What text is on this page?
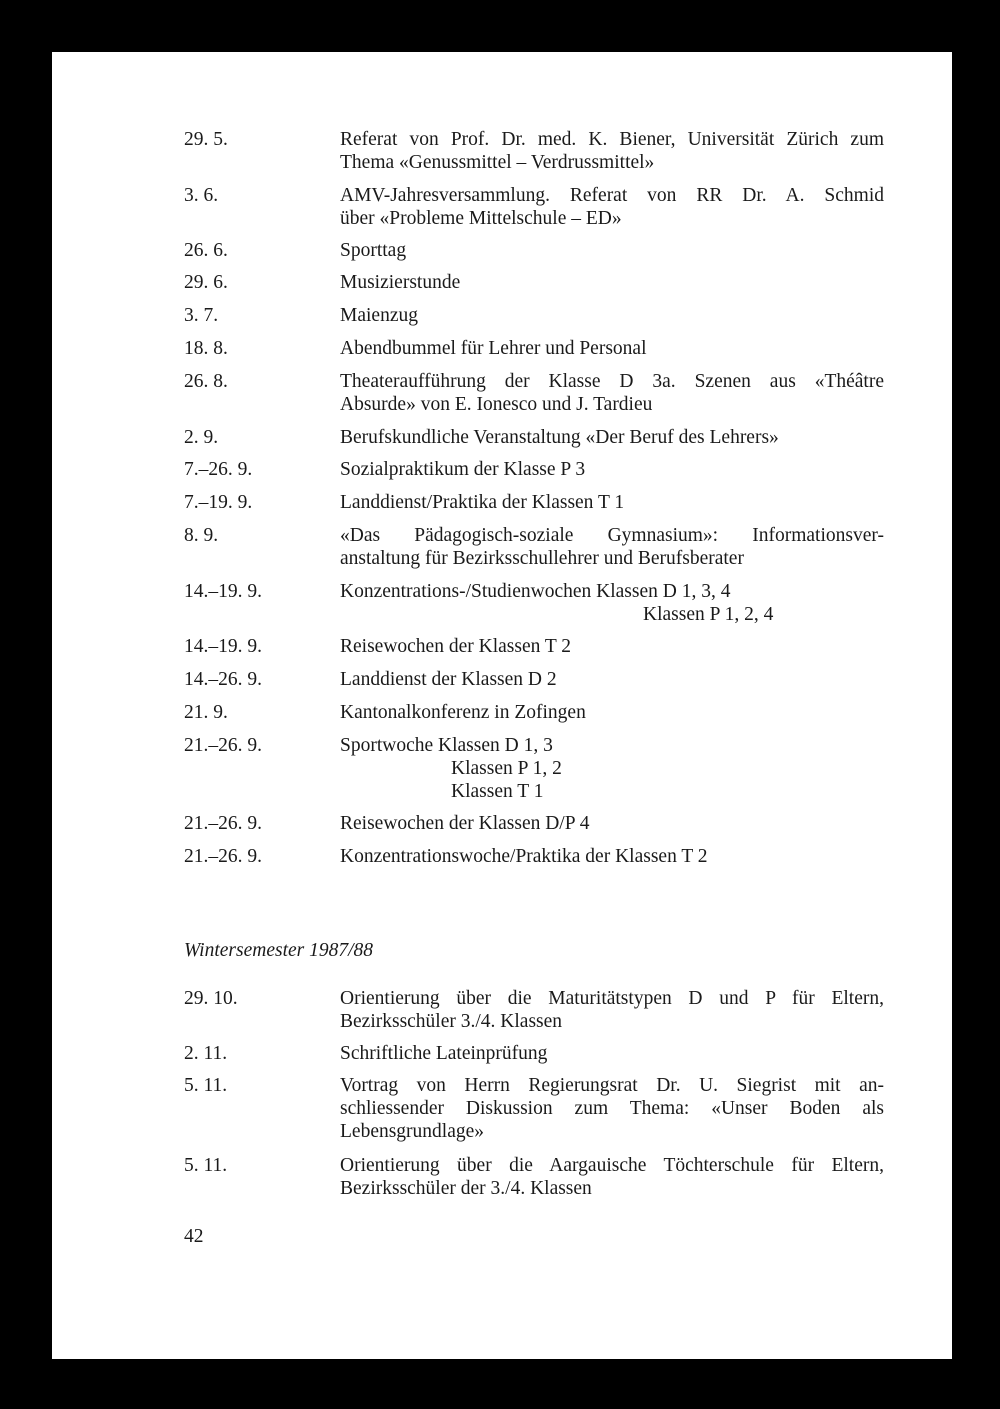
29. 5.	Referat von Prof. Dr. med. K. Biener, Universität Zürich zum
Thema «Genussmittel – Verdrussmittel»
3. 6.	AMV-Jahresversammlung. Referat von RR Dr. A. Schmid
über «Probleme Mittelschule – ED»
26. 6.	Sporttag
29. 6.	Musizierstunde
3. 7.	Maienzug
18. 8.	Abendbummel für Lehrer und Personal
26. 8.	Theateraufführung der Klasse D 3a. Szenen aus «Théâtre
Absurde» von E. Ionesco und J. Tardieu
2. 9.	Berufskundliche Veranstaltung «Der Beruf des Lehrers»
7.–26. 9.	Sozialpraktikum der Klasse P 3
7.–19. 9.	Landdienst/Praktika der Klassen T 1
8. 9.	«Das Pädagogisch-soziale Gymnasium»: Informationsver-
anstaltung für Bezirksschullehrer und Berufsberater
14.–19. 9.	Konzentrations-/Studienwochen Klassen D 1, 3, 4
Klassen P 1, 2, 4
14.–19. 9.	Reisewochen der Klassen T 2
14.–26. 9.	Landdienst der Klassen D 2
21. 9.	Kantonalkonferenz in Zofingen
21.–26. 9.	Sportwoche Klassen D 1, 3
Klassen P 1, 2
Klassen T 1
21.–26. 9.	Reisewochen der Klassen D/P 4
21.–26. 9.	Konzentrationswoche/Praktika der Klassen T 2
Wintersemester 1987/88
29. 10.	Orientierung über die Maturitätstypen D und P für Eltern,
Bezirksschüler 3./4. Klassen
2. 11.	Schriftliche Lateinprüfung
5. 11.	Vortrag von Herrn Regierungsrat Dr. U. Siegrist mit an-
schliessender Diskussion zum Thema: «Unser Boden als
Lebensgrundlage»
5. 11.	Orientierung über die Aargauische Töchterschule für Eltern,
Bezirksschüler der 3./4. Klassen
42
